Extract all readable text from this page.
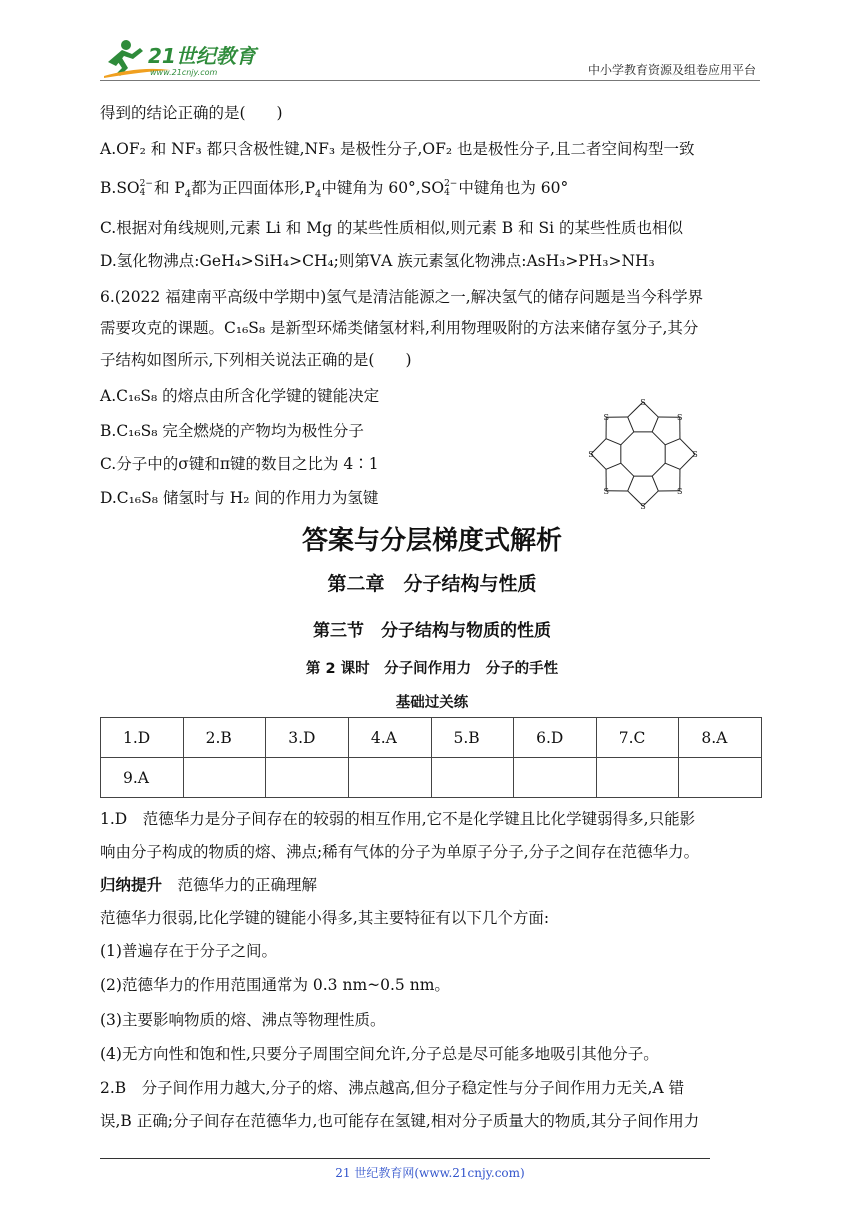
21世纪教育
www.21cnjy.com	中小学教育资源及组卷应用平台
得到的结论正确的是(　　)
A.OF₂ 和 NF₃ 都只含极性键,NF₃ 是极性分子,OF₂ 也是极性分子,且二者空间构型一致
B.SO 2−
4 和 $P_4$都为正四面体形$,P_4$中键角为 60°,SO 2−
4 中键角也为 60°
C.根据对角线规则,元素 Li 和 Mg 的某些性质相似,则元素 B 和 Si 的某些性质也相似
D.氢化物沸点:GeH₄>SiH₄>CH₄;则第ⅤA 族元素氢化物沸点:AsH₃>PH₃>NH₃
6.(2022 福建南平高级中学期中)氢气是清洁能源之一,解决氢气的储存问题是当今科学界
需要攻克的课题。C₁₆S₈ 是新型环烯类储氢材料,利用物理吸附的方法来储存氢分子,其分
子结构如图所示,下列相关说法正确的是(　　)
A.C₁₆S₈ 的熔点由所含化学键的键能决定
B.C₁₆S₈ 完全燃烧的产物均为极性分子
C.分子中的σ键和π键的数目之比为 4∶1
D.C₁₆S₈ 储氢时与 H₂ 间的作用力为氢键
S
S
S
S
S
S
S
S
答案与分层梯度式解析
第二章　分子结构与性质
第三节　分子结构与物质的性质
第 2 课时　分子间作用力　分子的手性
基础过关练
1.D	2.B	3.D	4.A	5.B	6.D	7.C	8.A
9.A							
1.D　范德华力是分子间存在的较弱的相互作用,它不是化学键且比化学键弱得多,只能影
响由分子构成的物质的熔、沸点;稀有气体的分子为单原子分子,分子之间存在范德华力。
归纳提升　范德华力的正确理解
范德华力很弱,比化学键的键能小得多,其主要特征有以下几个方面:
(1)普遍存在于分子之间。
(2)范德华力的作用范围通常为 0.3 nm~0.5 nm。
(3)主要影响物质的熔、沸点等物理性质。
(4)无方向性和饱和性,只要分子周围空间允许,分子总是尽可能多地吸引其他分子。
2.B　分子间作用力越大,分子的熔、沸点越高,但分子稳定性与分子间作用力无关,A 错
误,B 正确;分子间存在范德华力,也可能存在氢键,相对分子质量大的物质,其分子间作用力
21 世纪教育网(www.21cnjy.com)
